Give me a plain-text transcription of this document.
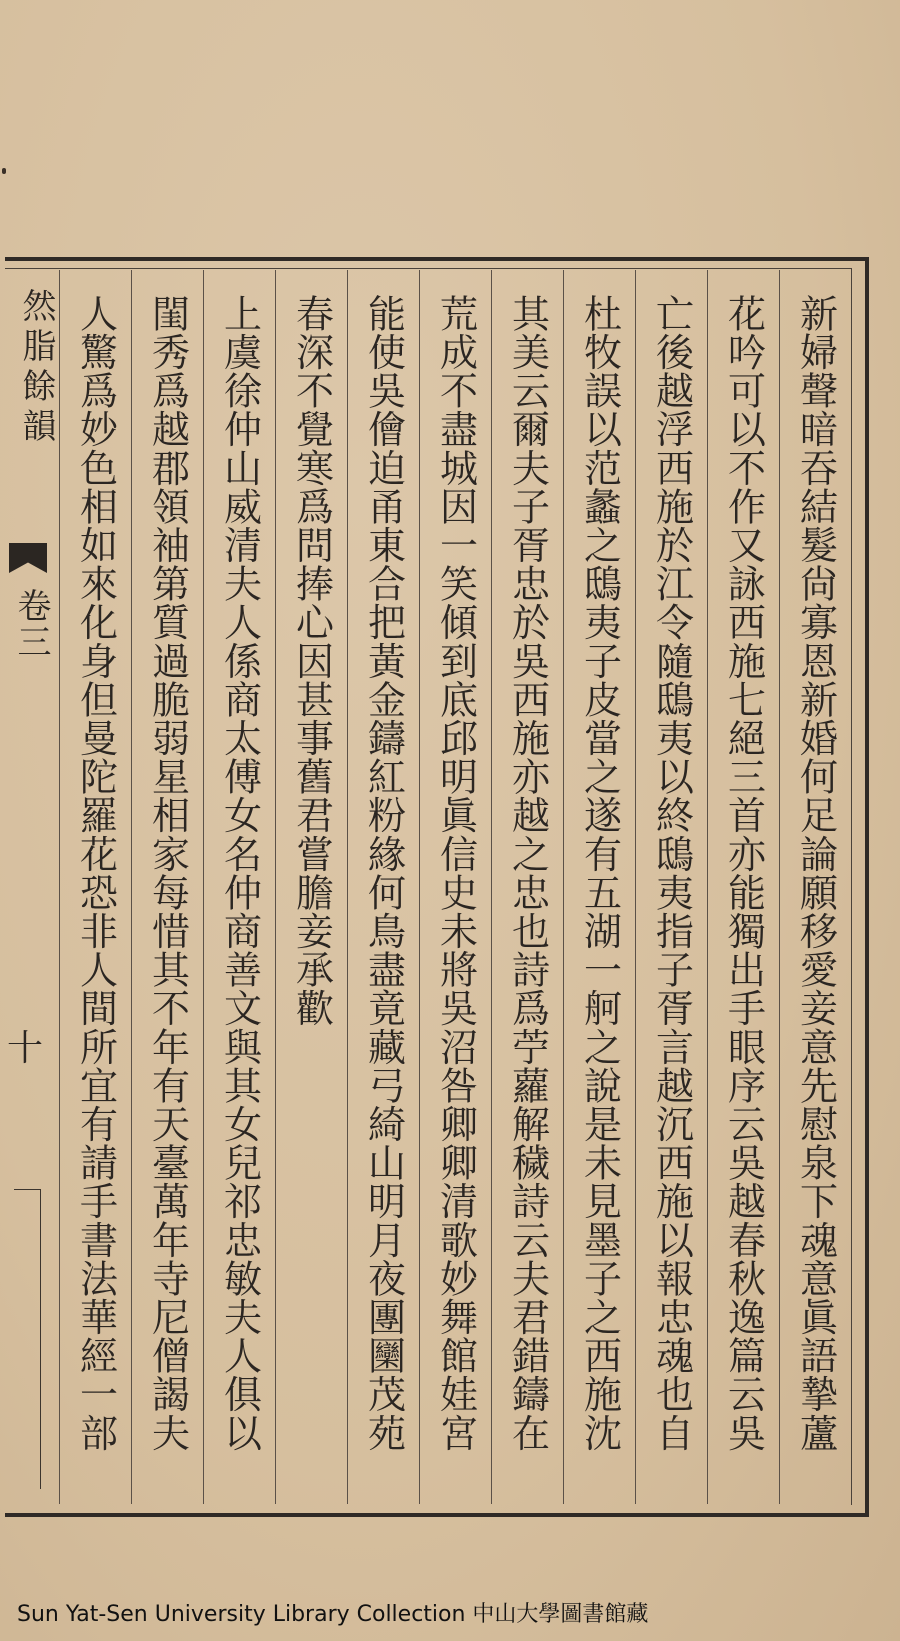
新婦聲暗吞結髮尙寡恩新婚何足論願移愛妾意先慰泉下魂意眞語摯蘆
花吟可以不作又詠西施七絕三首亦能獨出手眼序云吳越春秋逸篇云吳
亡後越浮西施於江令隨鴟夷以終鴟夷指子胥言越沉西施以報忠魂也自
杜牧誤以范蠡之鴟夷子皮當之遂有五湖一舸之說是未見墨子之西施沈
其美云爾夫子胥忠於吳西施亦越之忠也詩爲苧蘿解穢詩云夫君錯鑄在
荒成不盡城因一笑傾到底邱明眞信史未將吳沼咎卿卿清歌妙舞館娃宮
能使吳儈迫甬東合把黃金鑄紅粉緣何鳥盡竟藏弓綺山明月夜團圞茂苑
春深不覺寒爲問捧心因甚事舊君嘗膽妾承歡
上虞徐仲山威清夫人係商太傅女名仲商善文與其女兒祁忠敏夫人俱以
閨秀爲越郡領袖第質過脆弱星相家每惜其不年有天臺萬年寺尼僧謁夫
人驚爲妙色相如來化身但曼陀羅花恐非人間所宜有請手書法華經一部
然脂餘韻
卷三
十
Sun Yat-Sen University Library Collection 中山大學圖書館藏
